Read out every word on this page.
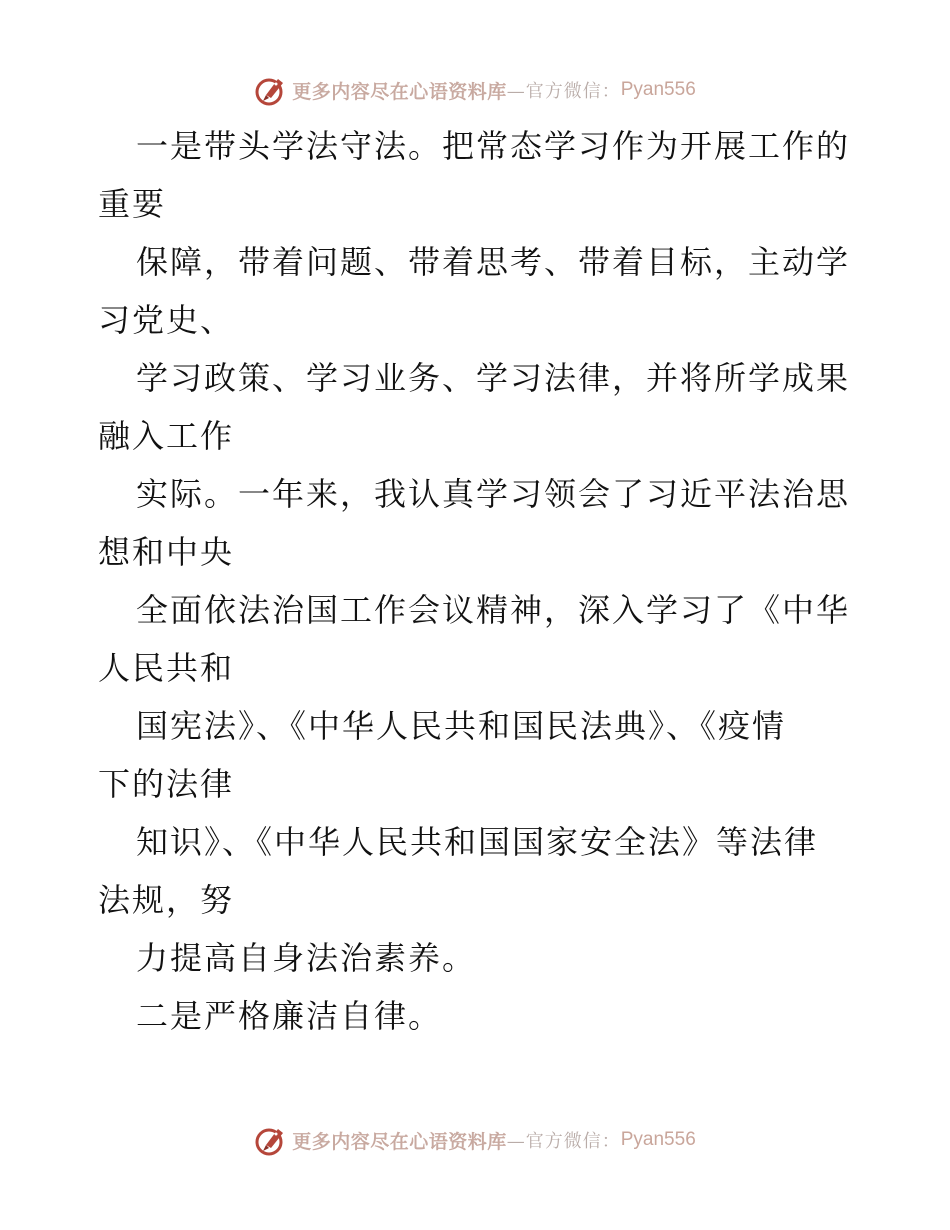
更多内容尽在心语资料库 —官方微信： Pyan556
一是带头学法守法。把常态学习作为开展工作的
重要
保障，带着问题、带着思考、带着目标，主动学
习党史、
学习政策、学习业务、学习法律，并将所学成果
融入工作
实际。一年来，我认真学习领会了习近平法治思
想和中央
全面依法治国工作会议精神，深入学习了《中华
人民共和
国宪法》、《中华人民共和国民法典》、《疫情
下的法律
知识》、《中华人民共和国国家安全法》等法律
法规，努
力提高自身法治素养。
二是严格廉洁自律。
更多内容尽在心语资料库 —官方微信： Pyan556
